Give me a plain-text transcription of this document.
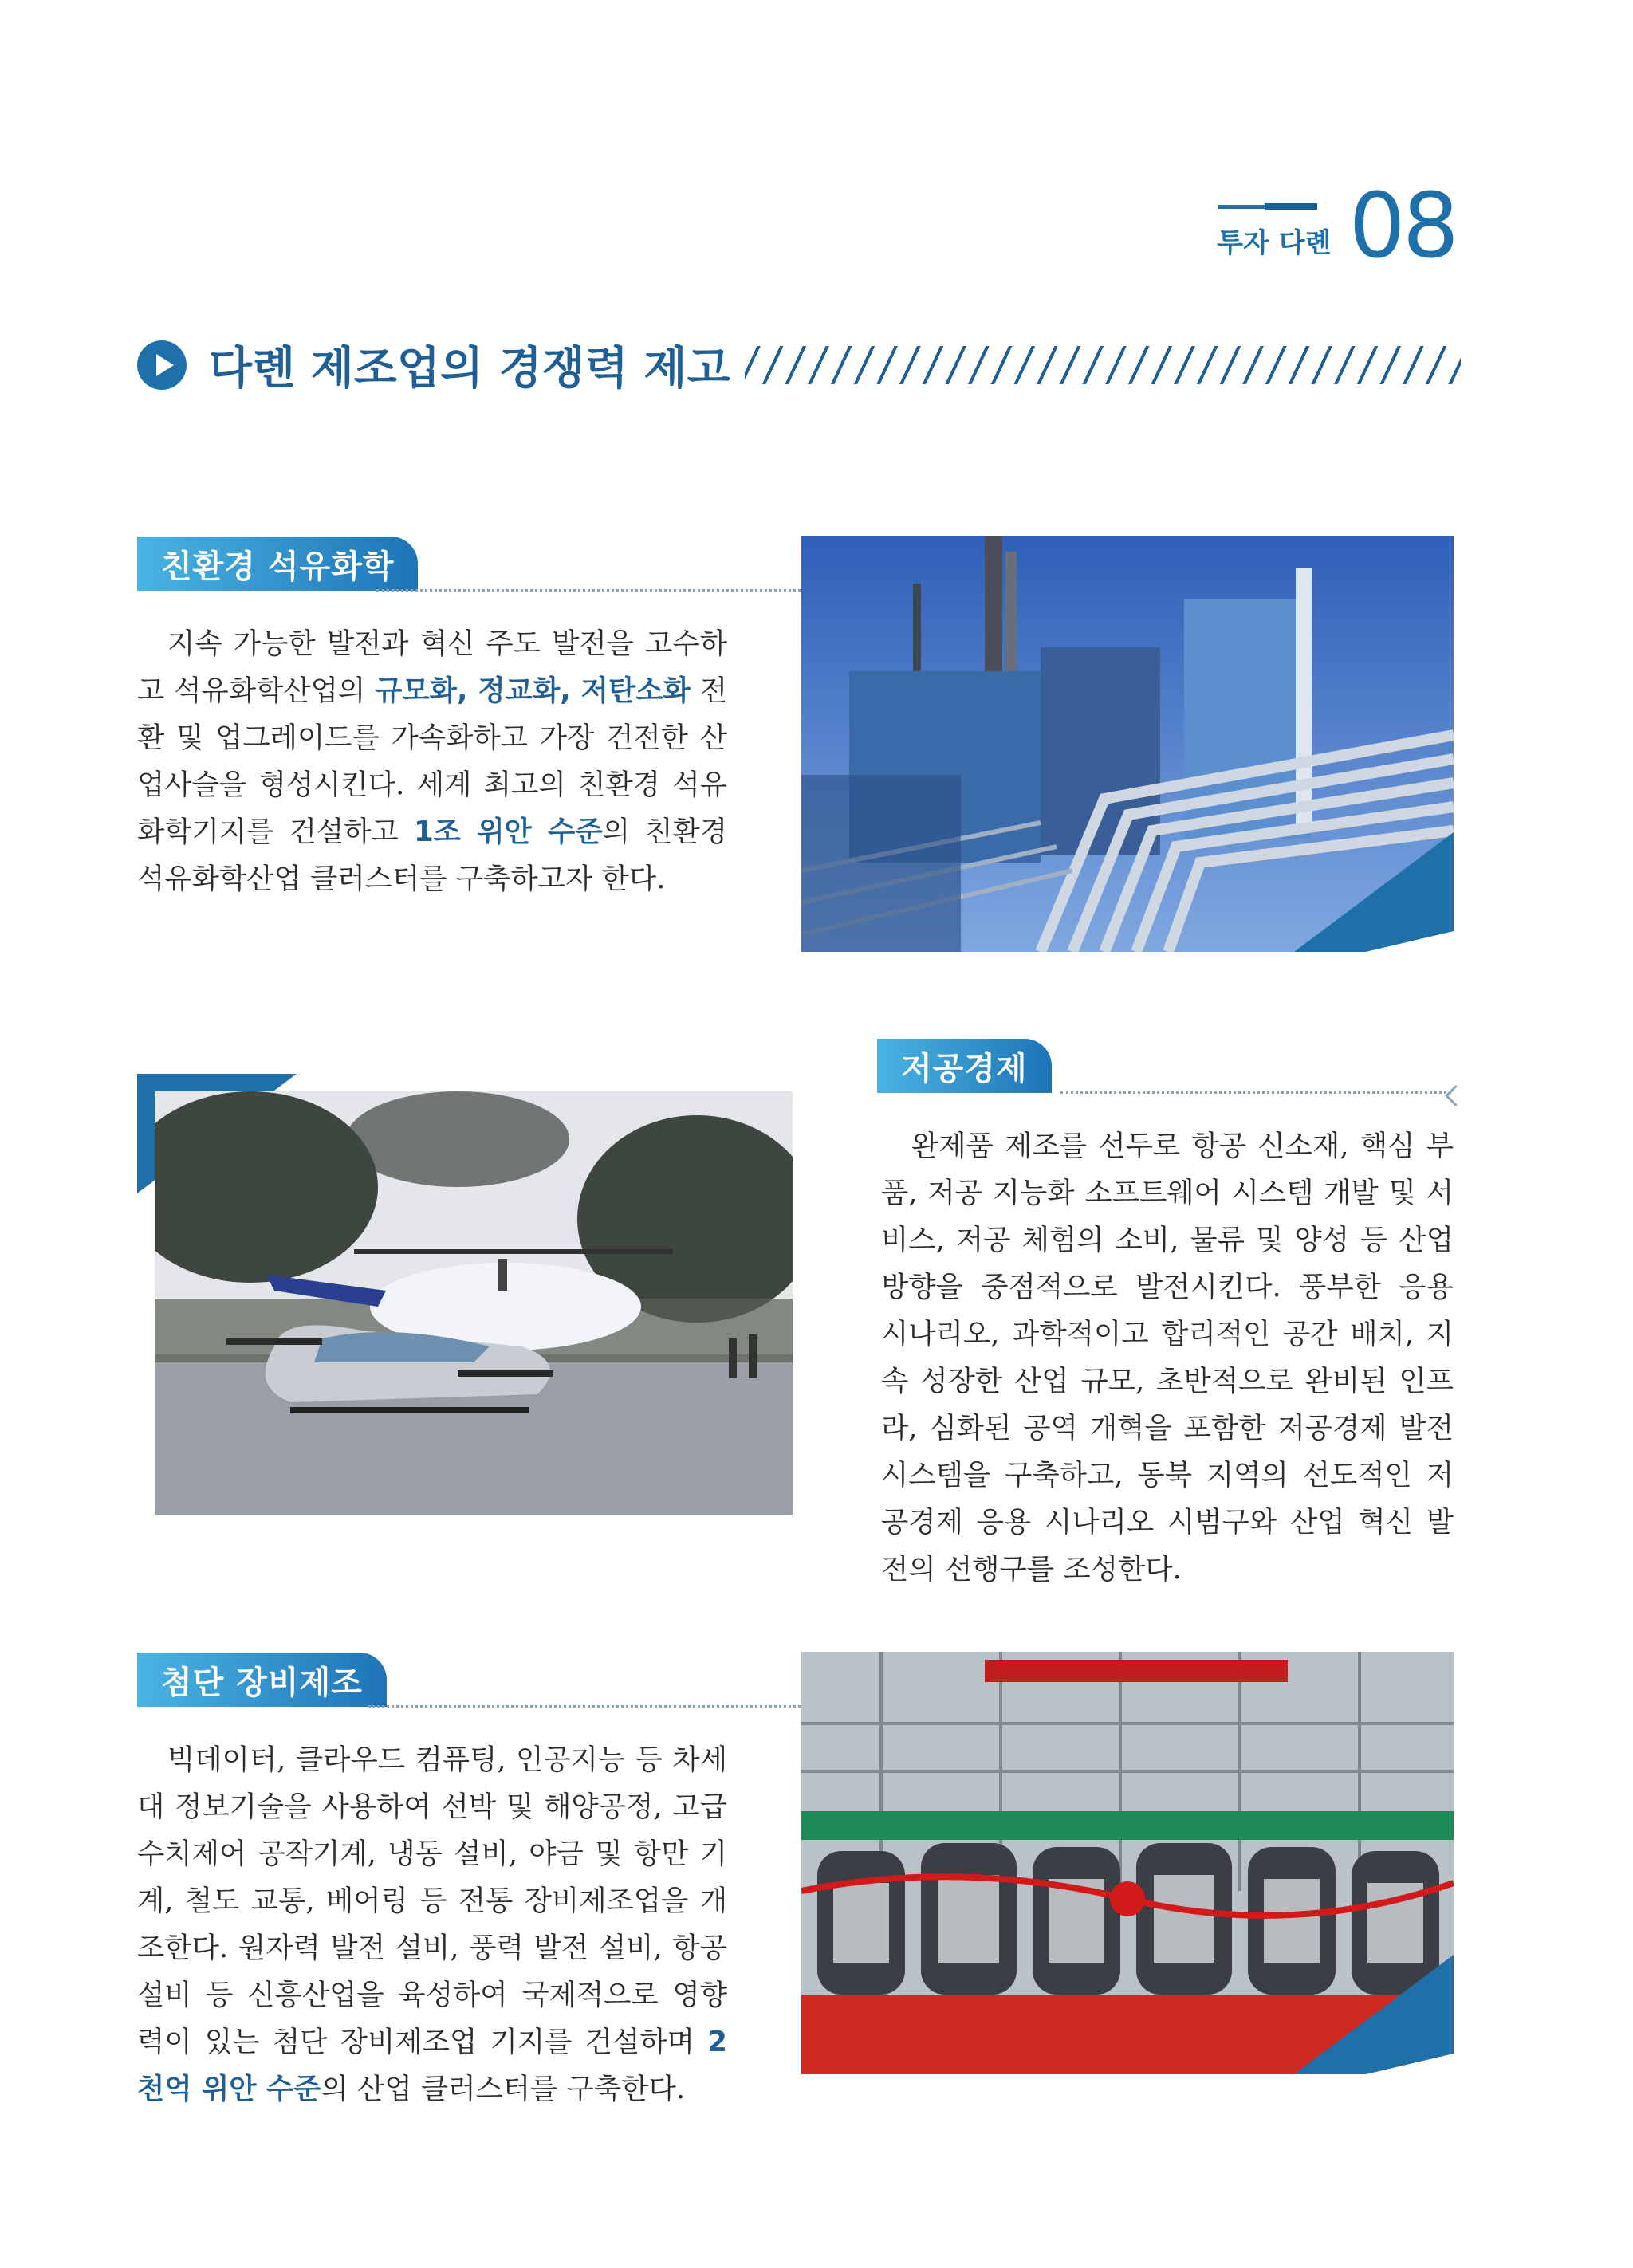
투자 다롄 08
다롄 제조업의 경쟁력 제고
친환경 석유화학
지속 가능한 발전과 혁신 주도 발전을 고수하고 석유화학산업의 규모화, 정교화, 저탄소화 전환 및 업그레이드를 가속화하고 가장 건전한 산업사슬을 형성시킨다. 세계 최고의 친환경 석유화학기지를 건설하고 1조 위안 수준의 친환경 석유화학산업 클러스터를 구축하고자 한다.
저공경제
완제품 제조를 선두로 항공 신소재, 핵심 부품, 저공 지능화 소프트웨어 시스템 개발 및 서비스, 저공 체험의 소비, 물류 및 양성 등 산업 방향을 중점적으로 발전시킨다. 풍부한 응용 시나리오, 과학적이고 합리적인 공간 배치, 지속 성장한 산업 규모, 초반적으로 완비된 인프라, 심화된 공역 개혁을 포함한 저공경제 발전 시스템을 구축하고, 동북 지역의 선도적인 저공경제 응용 시나리오 시범구와 산업 혁신 발전의 선행구를 조성한다.
첨단 장비제조
빅데이터, 클라우드 컴퓨팅, 인공지능 등 차세대 정보기술을 사용하여 선박 및 해양공정, 고급 수치제어 공작기계, 냉동 설비, 야금 및 항만 기계, 철도 교통, 베어링 등 전통 장비제조업을 개조한다. 원자력 발전 설비, 풍력 발전 설비, 항공 설비 등 신흥산업을 육성하여 국제적으로 영향력이 있는 첨단 장비제조업 기지를 건설하며 2천억 위안 수준의 산업 클러스터를 구축한다.
